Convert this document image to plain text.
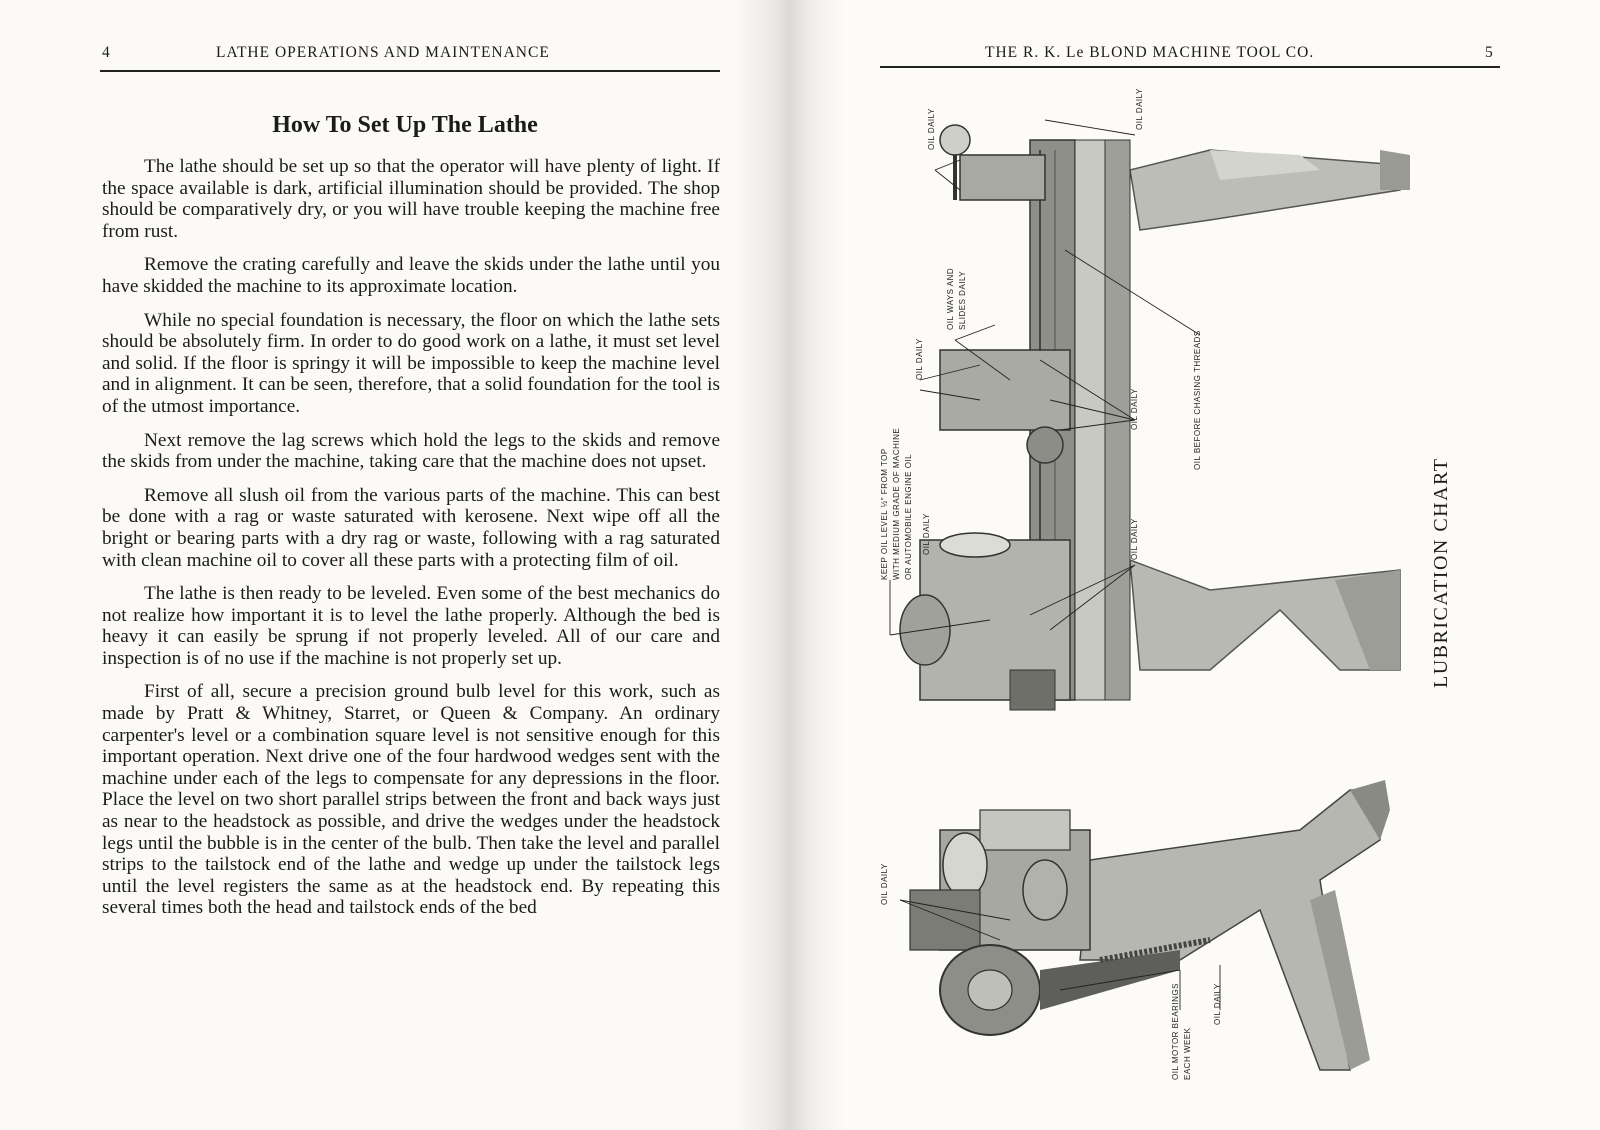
4	LATHE OPERATIONS AND MAINTENANCE
How To Set Up The Lathe

The lathe should be set up so that the operator will have plenty of light. If the space available is dark, artificial illumination should be provided. The shop should be comparatively dry, or you will have trouble keeping the machine free from rust.

Remove the crating carefully and leave the skids under the lathe until you have skidded the machine to its approximate location.

While no special foundation is necessary, the floor on which the lathe sets should be absolutely firm. In order to do good work on a lathe, it must set level and solid. If the floor is springy it will be impossible to keep the machine level and in alignment. It can be seen, therefore, that a solid foundation for the tool is of the utmost importance.

Next remove the lag screws which hold the legs to the skids and remove the skids from under the machine, taking care that the machine does not upset.

Remove all slush oil from the various parts of the machine. This can best be done with a rag or waste saturated with kerosene. Next wipe off all the bright or bearing parts with a dry rag or waste, following with a rag saturated with clean machine oil to cover all these parts with a protecting film of oil.

The lathe is then ready to be leveled. Even some of the best mechanics do not realize how important it is to level the lathe properly. Although the bed is heavy it can easily be sprung if not properly leveled. All of our care and inspection is of no use if the machine is not properly set up.

First of all, secure a precision ground bulb level for this work, such as made by Pratt & Whitney, Starret, or Queen & Company. An ordinary carpenter's level or a combination square level is not sensitive enough for this important operation. Next drive one of the four hardwood wedges sent with the machine under each of the legs to compensate for any depressions in the floor. Place the level on two short parallel strips between the front and back ways just as near to the headstock as possible, and drive the wedges under the headstock legs until the bubble is in the center of the bulb. Then take the level and parallel strips to the tailstock end of the lathe and wedge up under the tailstock legs until the level registers the same as at the headstock end. By repeating this several times both the head and tailstock ends of the bed

THE R. K. Le BLOND MACHINE TOOL CO.	5
OIL DAILY
OIL WAYS AND SLIDES DAILY
OIL DAILY
KEEP OIL LEVEL ½" FROM TOP WITH MEDIUM GRADE OF MACHINE OR AUTOMOBILE ENGINE OIL OIL DAILY
OIL DAILY
OIL DAILY
OIL BEFORE CHASING THREADS
OIL DAILY
LUBRICATION CHART
OIL DAILY
OIL MOTOR BEARINGS EACH WEEK
OIL DAILY
